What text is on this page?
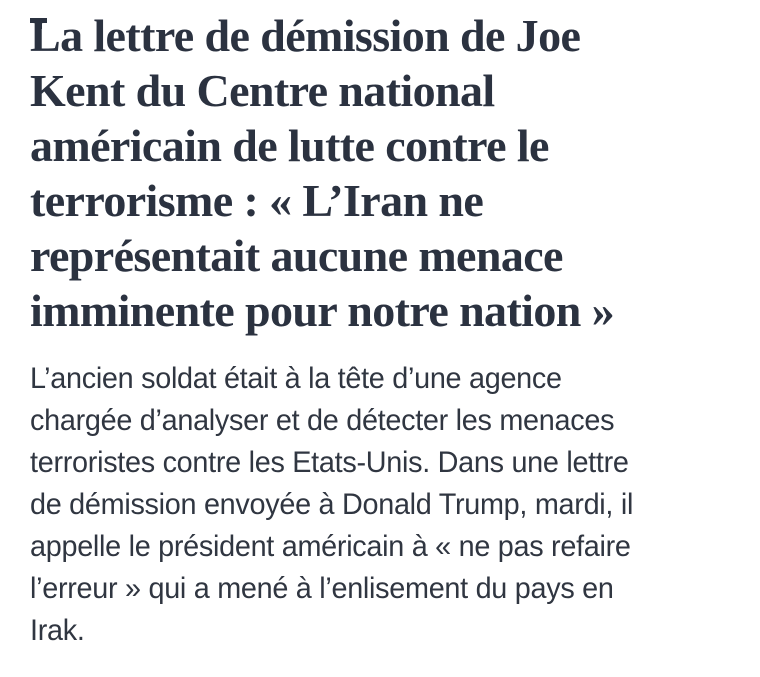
La lettre de démission de Joe
Kent du Centre national
américain de lutte contre le
terrorisme : « L’Iran ne
représentait aucune menace
imminente pour notre nation »

L’ancien soldat était à la tête d’une agence
chargée d’analyser et de détecter les menaces
terroristes contre les Etats-Unis. Dans une lettre
de démission envoyée à Donald Trump, mardi, il
appelle le président américain à « ne pas refaire
l’erreur » qui a mené à l’enlisement du pays en
Irak.
